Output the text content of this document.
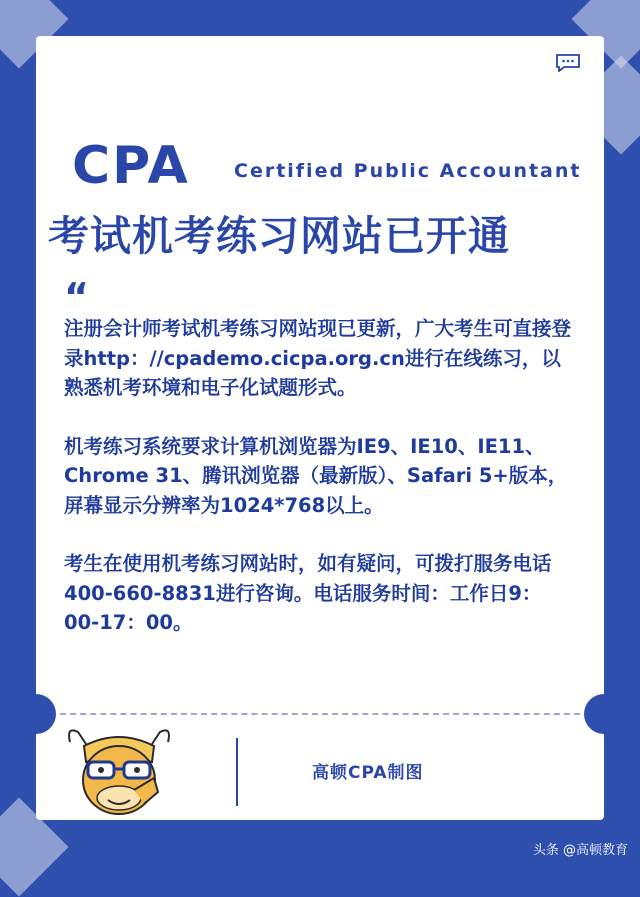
CPA Certified Public Accountant
考试机考练习网站已开通
“

注册会计师考试机考练习网站现已更新，广大考生可直接登录http：//cpademo.cicpa.org.cn进行在线练习，以熟悉机考环境和电子化试题形式。

机考练习系统要求计算机浏览器为IE9、IE10、IE11、Chrome 31、腾讯浏览器（最新版）、Safari 5+版本，屏幕显示分辨率为1024*768以上。

考生在使用机考练习网站时，如有疑问，可拨打服务电话400-660-8831进行咨询。电话服务时间：工作日9：00-17：00。

高顿CPA制图
头条 @高顿教育
